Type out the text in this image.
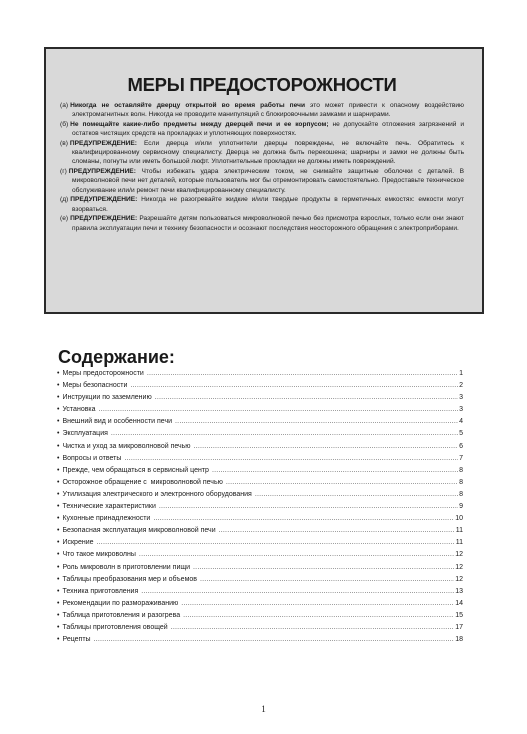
МЕРЫ ПРЕДОСТОРОЖНОСТИ

(а) Никогда не оставляйте дверцу открытой во время работы печи это может привести к опасному воздействию электромагнитных волн. Никогда не проводите манипуляций с блокировочными замками и шарнирами.

(б) Не помещайте какие-либо предметы между дверцей печи и ее корпусом; не допускайте отложения загрязнений и остатков чистящих средств на прокладках и уплотняющих поверхностях.

(в) ПРЕДУПРЕЖДЕНИЕ: Если дверца и/или уплотнители дверцы повреждены, не включайте печь. Обратитесь к квалифицированному сервисному специалисту. Дверца не должна быть перекошена; шарниры и замки не должны быть сломаны, погнуты или иметь большой люфт. Уплотнительные прокладки не должны иметь повреждений.

(г) ПРЕДУПРЕЖДЕНИЕ: Чтобы избежать удара электрическим током, не снимайте защитные оболочки с деталей. В микроволновой печи нет деталей, которые пользователь мог бы отремонтировать самостоятельно. Предоставьте техническое обслуживание или/и ремонт печи квалифицированному специалисту.

(д) ПРЕДУПРЕЖДЕНИЕ: Никогда не разогревайте жидкие и/или твердые продукты в герметичных емкостях: емкости могут взорваться.

(е) ПРЕДУПРЕЖДЕНИЕ: Разрешайте детям пользоваться микроволновой печью без присмотра взрослых, только если они знают правила эксплуатации печи и технику безопасности и осознают последствия неосторожного обращения с электроприборами.

Содержание:
• Меры предосторожности .....	1
• Меры безопасности .....	2
• Инструкции по заземлению .....	3
• Установка .....	3
• Внешний вид и особенности печи .....	4
• Эксплуатация .....	5
• Чистка и уход за микроволновой печью .....	6
• Вопросы и ответы .....	7
• Прежде, чем обращаться в сервисный центр .....	8
• Осторожное обращение с  микроволновой печью .....	8
• Утилизация электрического и электронного оборудования .....	8
• Технические характеристики .....	9
• Кухонные принадлежности .....	10
• Безопасная эксплуатация микроволновой печи .....	11
• Искрение .....	11
• Что такое микроволны .....	12
• Роль микроволн в приготовлении пищи .....	12
• Таблицы преобразования мер и объемов .....	12
• Техника приготовления .....	13
• Рекомендации по размораживанию .....	14
• Таблица приготовления и разогрева .....	15
• Таблицы приготовления овощей .....	17
• Рецепты .....	18
1
